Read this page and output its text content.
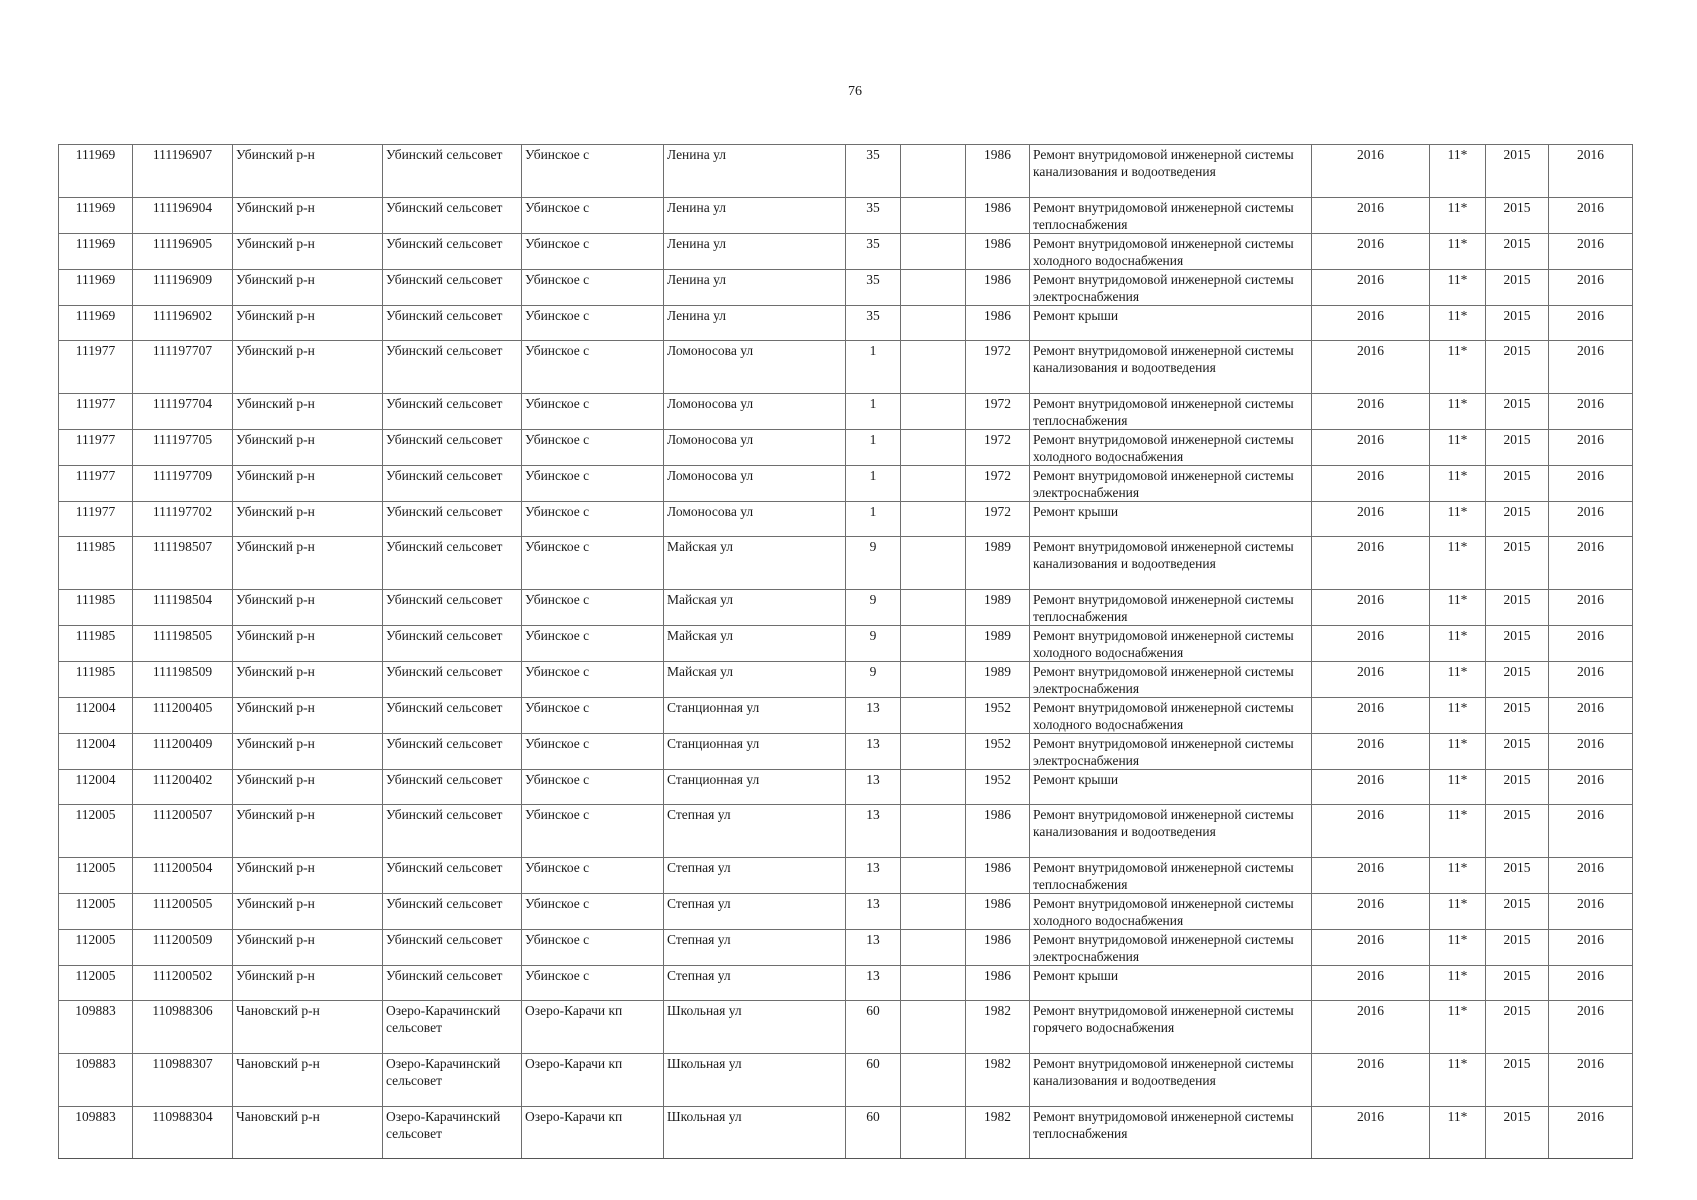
76
111969	111196907	Убинский р-н	Убинский сельсовет	Убинское с	Ленина ул	35		1986	Ремонт внутридомовой инженерной системы канализования и водоотведения	2016	11*	2015	2016
111969	111196904	Убинский р-н	Убинский сельсовет	Убинское с	Ленина ул	35		1986	Ремонт внутридомовой инженерной системы теплоснабжения	2016	11*	2015	2016
111969	111196905	Убинский р-н	Убинский сельсовет	Убинское с	Ленина ул	35		1986	Ремонт внутридомовой инженерной системы холодного водоснабжения	2016	11*	2015	2016
111969	111196909	Убинский р-н	Убинский сельсовет	Убинское с	Ленина ул	35		1986	Ремонт внутридомовой инженерной системы электроснабжения	2016	11*	2015	2016
111969	111196902	Убинский р-н	Убинский сельсовет	Убинское с	Ленина ул	35		1986	Ремонт крыши	2016	11*	2015	2016
111977	111197707	Убинский р-н	Убинский сельсовет	Убинское с	Ломоносова ул	1		1972	Ремонт внутридомовой инженерной системы канализования и водоотведения	2016	11*	2015	2016
111977	111197704	Убинский р-н	Убинский сельсовет	Убинское с	Ломоносова ул	1		1972	Ремонт внутридомовой инженерной системы теплоснабжения	2016	11*	2015	2016
111977	111197705	Убинский р-н	Убинский сельсовет	Убинское с	Ломоносова ул	1		1972	Ремонт внутридомовой инженерной системы холодного водоснабжения	2016	11*	2015	2016
111977	111197709	Убинский р-н	Убинский сельсовет	Убинское с	Ломоносова ул	1		1972	Ремонт внутридомовой инженерной системы электроснабжения	2016	11*	2015	2016
111977	111197702	Убинский р-н	Убинский сельсовет	Убинское с	Ломоносова ул	1		1972	Ремонт крыши	2016	11*	2015	2016
111985	111198507	Убинский р-н	Убинский сельсовет	Убинское с	Майская ул	9		1989	Ремонт внутридомовой инженерной системы канализования и водоотведения	2016	11*	2015	2016
111985	111198504	Убинский р-н	Убинский сельсовет	Убинское с	Майская ул	9		1989	Ремонт внутридомовой инженерной системы теплоснабжения	2016	11*	2015	2016
111985	111198505	Убинский р-н	Убинский сельсовет	Убинское с	Майская ул	9		1989	Ремонт внутридомовой инженерной системы холодного водоснабжения	2016	11*	2015	2016
111985	111198509	Убинский р-н	Убинский сельсовет	Убинское с	Майская ул	9		1989	Ремонт внутридомовой инженерной системы электроснабжения	2016	11*	2015	2016
112004	111200405	Убинский р-н	Убинский сельсовет	Убинское с	Станционная ул	13		1952	Ремонт внутридомовой инженерной системы холодного водоснабжения	2016	11*	2015	2016
112004	111200409	Убинский р-н	Убинский сельсовет	Убинское с	Станционная ул	13		1952	Ремонт внутридомовой инженерной системы электроснабжения	2016	11*	2015	2016
112004	111200402	Убинский р-н	Убинский сельсовет	Убинское с	Станционная ул	13		1952	Ремонт крыши	2016	11*	2015	2016
112005	111200507	Убинский р-н	Убинский сельсовет	Убинское с	Степная ул	13		1986	Ремонт внутридомовой инженерной системы канализования и водоотведения	2016	11*	2015	2016
112005	111200504	Убинский р-н	Убинский сельсовет	Убинское с	Степная ул	13		1986	Ремонт внутридомовой инженерной системы теплоснабжения	2016	11*	2015	2016
112005	111200505	Убинский р-н	Убинский сельсовет	Убинское с	Степная ул	13		1986	Ремонт внутридомовой инженерной системы холодного водоснабжения	2016	11*	2015	2016
112005	111200509	Убинский р-н	Убинский сельсовет	Убинское с	Степная ул	13		1986	Ремонт внутридомовой инженерной системы электроснабжения	2016	11*	2015	2016
112005	111200502	Убинский р-н	Убинский сельсовет	Убинское с	Степная ул	13		1986	Ремонт крыши	2016	11*	2015	2016
109883	110988306	Чановский р-н	Озеро-Карачинский сельсовет	Озеро-Карачи кп	Школьная ул	60		1982	Ремонт внутридомовой инженерной системы горячего водоснабжения	2016	11*	2015	2016
109883	110988307	Чановский р-н	Озеро-Карачинский сельсовет	Озеро-Карачи кп	Школьная ул	60		1982	Ремонт внутридомовой инженерной системы канализования и водоотведения	2016	11*	2015	2016
109883	110988304	Чановский р-н	Озеро-Карачинский сельсовет	Озеро-Карачи кп	Школьная ул	60		1982	Ремонт внутридомовой инженерной системы теплоснабжения	2016	11*	2015	2016
